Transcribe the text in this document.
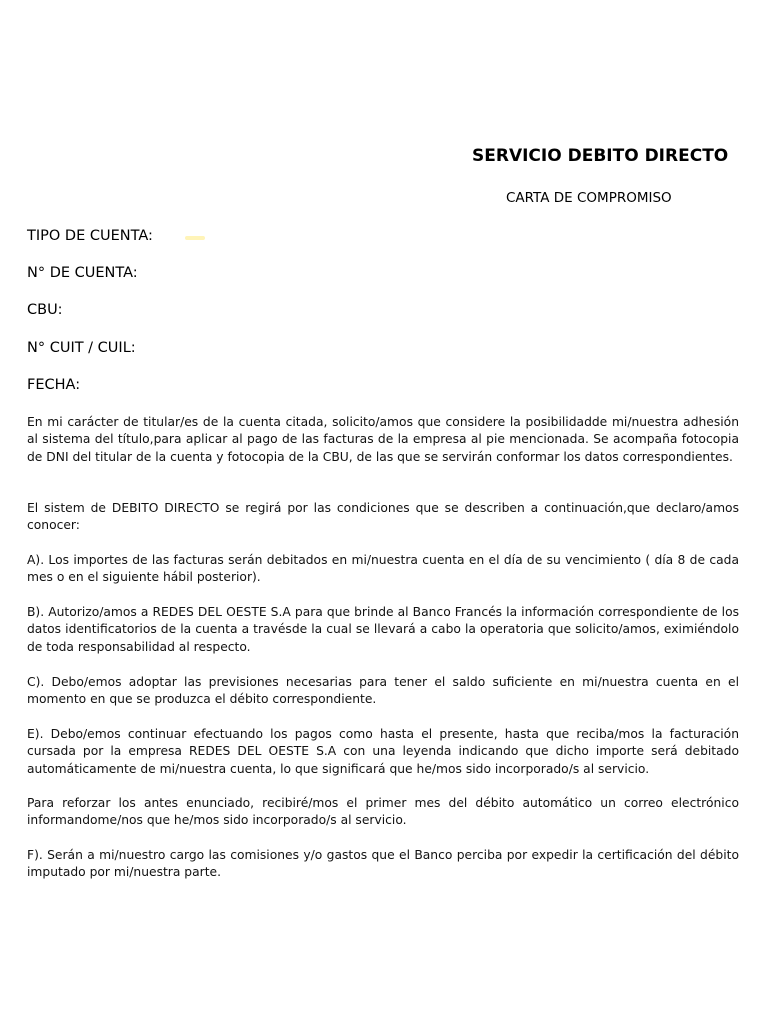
SERVICIO DEBITO DIRECTO
CARTA DE COMPROMISO
TIPO DE CUENTA:
N° DE CUENTA:
CBU:
N° CUIT / CUIL:
FECHA:

En mi carácter de titular/es de la cuenta citada, solicito/amos que considere la posibilidadde mi/nuestra adhesión al sistema del título,para aplicar al pago de las facturas de la empresa al pie mencionada. Se acompaña fotocopia de DNI del titular de la cuenta y fotocopia de la CBU, de las que se servirán conformar los datos correspondientes.

El sistem de DEBITO DIRECTO se regirá por las condiciones que se describen a continuación,que declaro/amos conocer:

A). Los importes de las facturas serán debitados en mi/nuestra cuenta en el día de su vencimiento ( día 8 de cada mes o en el siguiente hábil posterior).

B). Autorizo/amos a REDES DEL OESTE S.A para que brinde al Banco Francés la información correspondiente de los datos identificatorios de la cuenta a travésde la cual se llevará a cabo la operatoria que solicito/amos, eximiéndolo de toda responsabilidad al respecto.

C). Debo/emos adoptar las previsiones necesarias para tener el saldo suficiente en mi/nuestra cuenta en el momento en que se produzca el débito correspondiente.

E). Debo/emos continuar efectuando los pagos como hasta el presente, hasta que reciba/mos la facturación cursada por la empresa REDES DEL OESTE S.A con una leyenda indicando que dicho importe será debitado automáticamente de mi/nuestra cuenta, lo que significará que he/mos sido incorporado/s al servicio.

Para reforzar los antes enunciado, recibiré/mos el primer mes del débito automático un correo electrónico informandome/nos que he/mos sido incorporado/s al servicio.

F). Serán a mi/nuestro cargo las comisiones y/o gastos que el Banco perciba por expedir la certificación del débito imputado por mi/nuestra parte.
